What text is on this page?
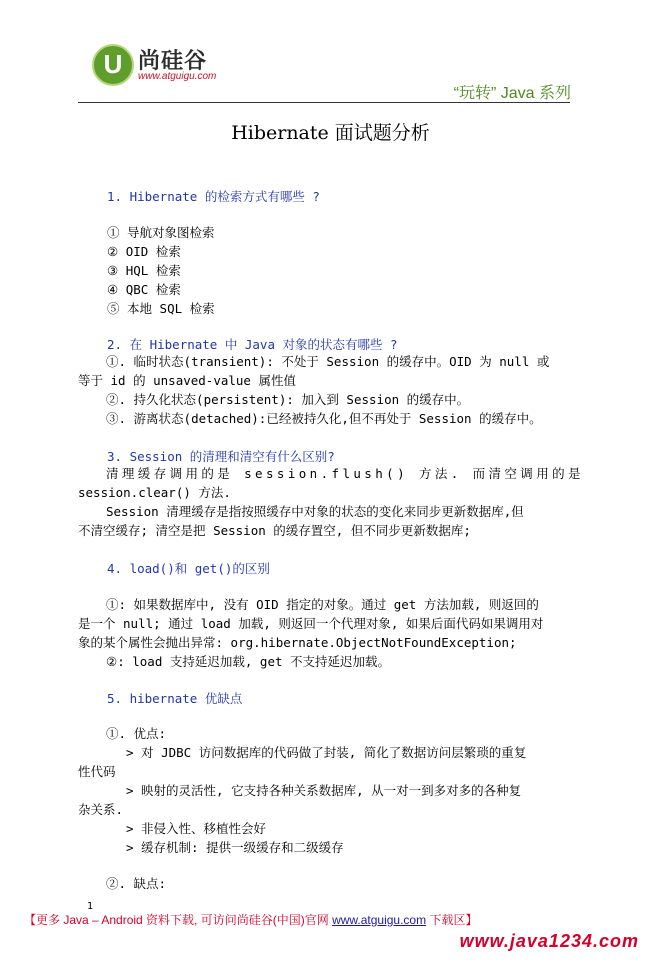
U
尚硅谷
www.atguigu.com
“玩转” Java 系列
Hibernate 面试题分析
1. Hibernate 的检索方式有哪些 ?
① 导航对象图检索
② OID 检索
③ HQL 检索
④ QBC 检索
⑤ 本地 SQL 检索
2. 在 Hibernate 中 Java 对象的状态有哪些 ?
①. 临时状态(transient): 不处于 Session 的缓存中。OID 为 null 或
等于 id 的 unsaved-value 属性值
②. 持久化状态(persistent): 加入到 Session 的缓存中。
③. 游离状态(detached):已经被持久化,但不再处于 Session 的缓存中。
3. Session 的清理和清空有什么区别?
清理缓存调用的是 session.flush() 方法. 而清空调用的是
session.clear() 方法.
Session 清理缓存是指按照缓存中对象的状态的变化来同步更新数据库,但
不清空缓存; 清空是把 Session 的缓存置空, 但不同步更新数据库;
4. load()和 get()的区别
①: 如果数据库中, 没有 OID 指定的对象。通过 get 方法加载, 则返回的
是一个 null; 通过 load 加载, 则返回一个代理对象, 如果后面代码如果调用对
象的某个属性会抛出异常: org.hibernate.ObjectNotFoundException;
②: load 支持延迟加载, get 不支持延迟加载。
5. hibernate 优缺点
①. 优点:
> 对 JDBC 访问数据库的代码做了封装, 简化了数据访问层繁琐的重复
性代码
> 映射的灵活性, 它支持各种关系数据库, 从一对一到多对多的各种复
杂关系.
> 非侵入性、移植性会好
> 缓存机制: 提供一级缓存和二级缓存
②. 缺点:
1
【更多 Java – Android 资料下载, 可访问尚硅谷(中国)官网 www.atguigu.com 下载区】
www.java1234.com
